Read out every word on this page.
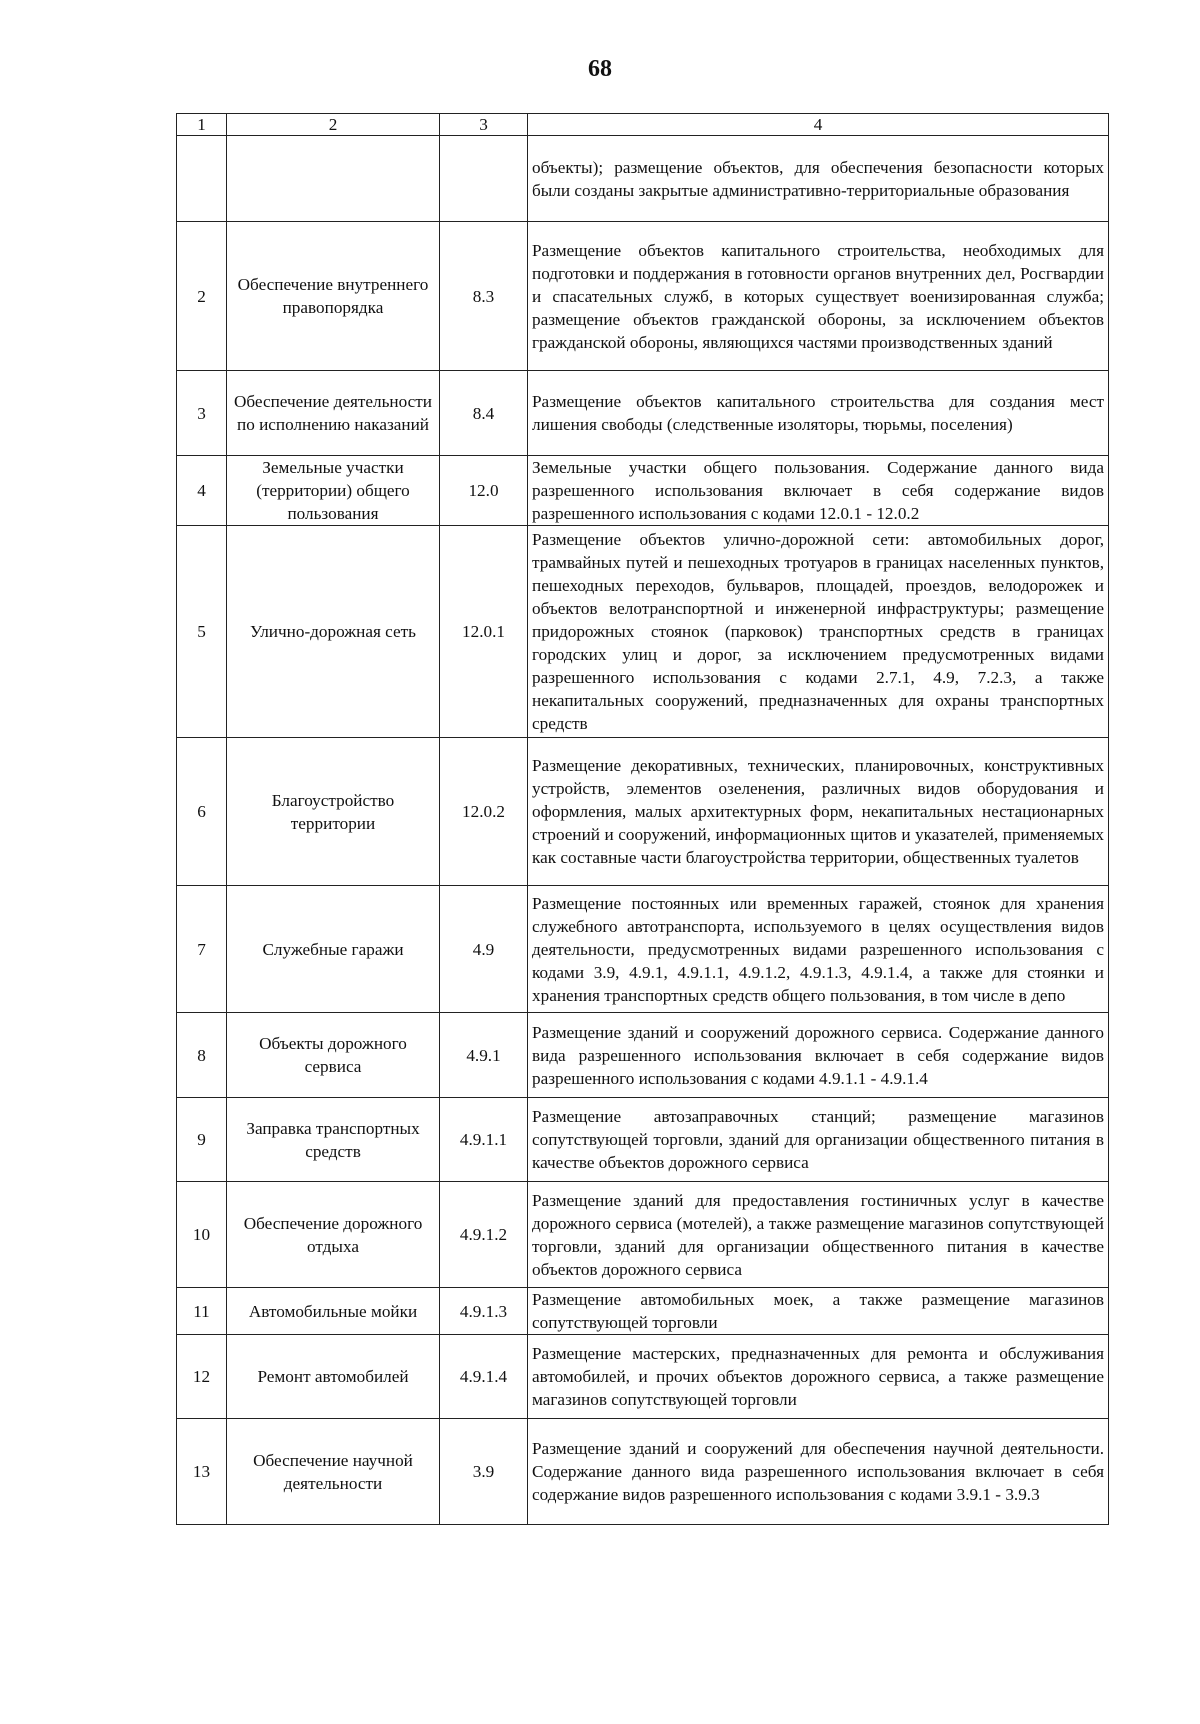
68
1	2	3	4
			объекты); размещение объектов, для обеспечения безопасности которых были созданы закрытые административно-территориальные образования
2	Обеспечение внутреннего правопорядка	8.3	Размещение объектов капитального строительства, необходимых для подготовки и поддержания в готовности органов внутренних дел, Росгвардии и спасательных служб, в которых существует военизированная служба; размещение объектов гражданской обороны, за исключением объектов гражданской обороны, являющихся частями производственных зданий
3	Обеспечение деятельности по исполнению наказаний	8.4	Размещение объектов капитального строительства для создания мест лишения свободы (следственные изоляторы, тюрьмы, поселения)
4	Земельные участки (территории) общего пользования	12.0	Земельные участки общего пользования. Содержание данного вида разрешенного использования включает в себя содержание видов разрешенного использования с кодами 12.0.1 - 12.0.2
5	Улично-дорожная сеть	12.0.1	Размещение объектов улично-дорожной сети: автомобильных дорог, трамвайных путей и пешеходных тротуаров в границах населенных пунктов, пешеходных переходов, бульваров, площадей, проездов, велодорожек и объектов велотранспортной и инженерной инфраструктуры; размещение придорожных стоянок (парковок) транспортных средств в границах городских улиц и дорог, за исключением предусмотренных видами разрешенного использования с кодами 2.7.1, 4.9, 7.2.3, а также некапитальных сооружений, предназначенных для охраны транспортных средств
6	Благоустройство территории	12.0.2	Размещение декоративных, технических, планировочных, конструктивных устройств, элементов озеленения, различных видов оборудования и оформления, малых архитектурных форм, некапитальных нестационарных строений и сооружений, информационных щитов и указателей, применяемых как составные части благоустройства территории, общественных туалетов
7	Служебные гаражи	4.9	Размещение постоянных или временных гаражей, стоянок для хранения служебного автотранспорта, используемого в целях осуществления видов деятельности, предусмотренных видами разрешенного использования с кодами 3.9, 4.9.1, 4.9.1.1, 4.9.1.2, 4.9.1.3, 4.9.1.4, а также для стоянки и хранения транспортных средств общего пользования, в том числе в депо
8	Объекты дорожного сервиса	4.9.1	Размещение зданий и сооружений дорожного сервиса. Содержание данного вида разрешенного использования включает в себя содержание видов разрешенного использования с кодами 4.9.1.1 - 4.9.1.4
9	Заправка транспортных средств	4.9.1.1	Размещение автозаправочных станций; размещение магазинов сопутствующей торговли, зданий для организации общественного питания в качестве объектов дорожного сервиса
10	Обеспечение дорожного отдыха	4.9.1.2	Размещение зданий для предоставления гостиничных услуг в качестве дорожного сервиса (мотелей), а также размещение магазинов сопутствующей торговли, зданий для организации общественного питания в качестве объектов дорожного сервиса
11	Автомобильные мойки	4.9.1.3	Размещение автомобильных моек, а также размещение магазинов сопутствующей торговли
12	Ремонт автомобилей	4.9.1.4	Размещение мастерских, предназначенных для ремонта и обслуживания автомобилей, и прочих объектов дорожного сервиса, а также размещение магазинов сопутствующей торговли
13	Обеспечение научной деятельности	3.9	Размещение зданий и сооружений для обеспечения научной деятельности. Содержание данного вида разрешенного использования включает в себя содержание видов разрешенного использования с кодами 3.9.1 - 3.9.3
